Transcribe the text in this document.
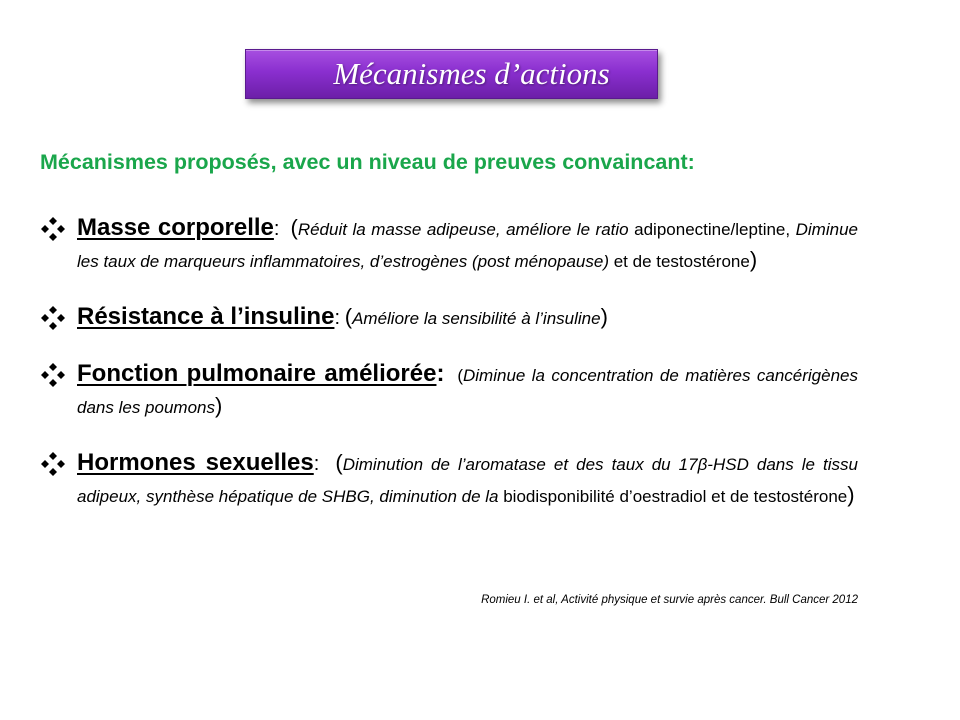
Mécanismes d’actions
Mécanismes proposés, avec un niveau de preuves convaincant:
Masse corporelle: (Réduit la masse adipeuse, améliore le ratio adiponectine/leptine, Diminue les taux de marqueurs inflammatoires, d’estrogènes (post ménopause) et de testostérone)
Résistance à l’insuline: (Améliore la sensibilité à l’insuline)
Fonction pulmonaire améliorée: (Diminue la concentration de matières cancérigènes dans les poumons)
Hormones sexuelles: (Diminution de l’aromatase et des taux du 17β-HSD dans le tissu adipeux, synthèse hépatique de SHBG, diminution de la biodisponibilité d’oestradiol et de testostérone)
Romieu I. et al, Activité physique et survie après cancer. Bull Cancer 2012
